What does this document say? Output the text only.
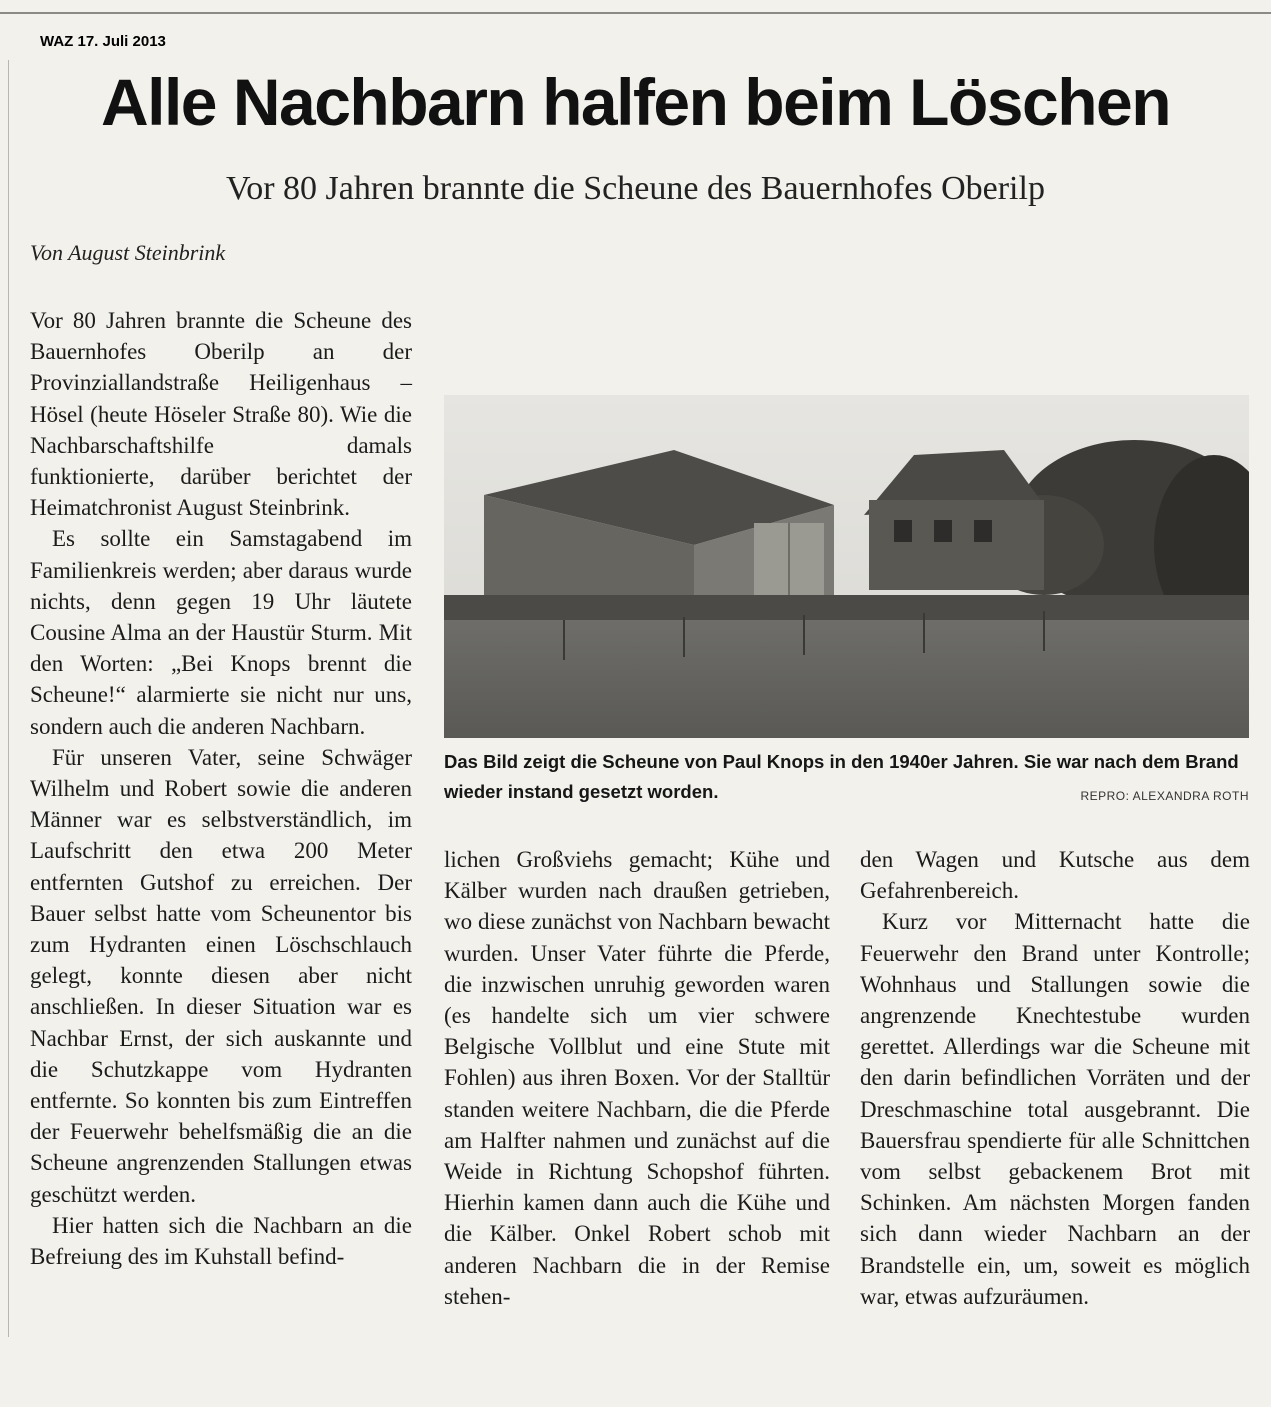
WAZ 17. Juli 2013
Alle Nachbarn halfen beim Löschen
Vor 80 Jahren brannte die Scheune des Bauernhofes Oberilp
Von August Steinbrink

Vor 80 Jahren brannte die Scheune des Bauernhofes Oberilp an der Provinziallandstraße Heiligenhaus – Hösel (heute Höseler Straße 80). Wie die Nachbarschaftshilfe damals funktionierte, darüber berichtet der Heimatchronist August Steinbrink.

Es sollte ein Samstagabend im Familienkreis werden; aber daraus wurde nichts, denn gegen 19 Uhr läutete Cousine Alma an der Haustür Sturm. Mit den Worten: „Bei Knops brennt die Scheune!“ alarmierte sie nicht nur uns, sondern auch die anderen Nachbarn.

Für unseren Vater, seine Schwäger Wilhelm und Robert sowie die anderen Männer war es selbstverständlich, im Laufschritt den etwa 200 Meter entfernten Gutshof zu erreichen. Der Bauer selbst hatte vom Scheunentor bis zum Hydranten einen Löschschlauch gelegt, konnte diesen aber nicht anschließen. In dieser Situation war es Nachbar Ernst, der sich auskannte und die Schutzkappe vom Hydranten entfernte. So konnten bis zum Eintreffen der Feuerwehr behelfsmäßig die an die Scheune angrenzenden Stallungen etwas geschützt werden.

Hier hatten sich die Nachbarn an die Befreiung des im Kuhstall befind-

Das Bild zeigt die Scheune von Paul Knops in den 1940er Jahren. Sie war nach dem Brand wieder instand gesetzt worden.	REPRO: ALEXANDRA ROTH

lichen Großviehs gemacht; Kühe und Kälber wurden nach draußen getrieben, wo diese zunächst von Nachbarn bewacht wurden. Unser Vater führte die Pferde, die inzwischen unruhig geworden waren (es handelte sich um vier schwere Belgische Vollblut und eine Stute mit Fohlen) aus ihren Boxen. Vor der Stalltür standen weitere Nachbarn, die die Pferde am Halfter nahmen und zunächst auf die Weide in Richtung Schopshof führten. Hierhin kamen dann auch die Kühe und die Kälber. Onkel Robert schob mit anderen Nachbarn die in der Remise stehen-

den Wagen und Kutsche aus dem Gefahrenbereich.

Kurz vor Mitternacht hatte die Feuerwehr den Brand unter Kontrolle; Wohnhaus und Stallungen sowie die angrenzende Knechtestube wurden gerettet. Allerdings war die Scheune mit den darin befindlichen Vorräten und der Dreschmaschine total ausgebrannt. Die Bauersfrau spendierte für alle Schnittchen vom selbst gebackenem Brot mit Schinken. Am nächsten Morgen fanden sich dann wieder Nachbarn an der Brandstelle ein, um, soweit es möglich war, etwas aufzuräumen.
